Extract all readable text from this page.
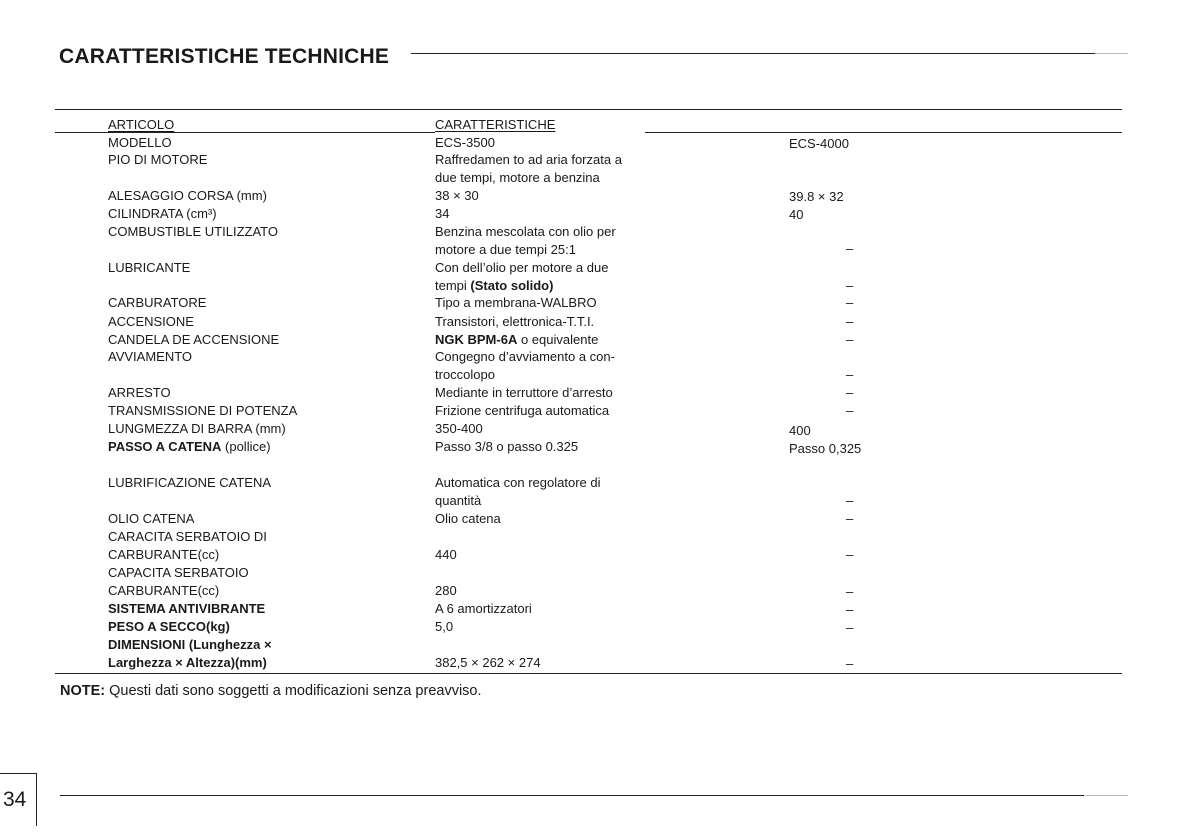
CARATTERISTICHE TECHNICHE
ARTICOLO	CARATTERISTICHE
MODELLO	ECS-3500	ECS-4000
PIO DI MOTORE	Raffredamen to ad aria forzata a
due tempi, motore a benzina
ALESAGGIO CORSA (mm)	38 × 30	39.8 × 32
CILINDRATA (cm³)	34	40
COMBUSTIBLE UTILIZZATO	Benzina mescolata con olio per
motore a due tempi 25:1	–
LUBRICANTE	Con dell’olio per motore a due
tempi (Stato solido)	–
CARBURATORE	Tipo a membrana-WALBRO	–
ACCENSIONE	Transistori, elettronica-T.T.I.	–
CANDELA DE ACCENSIONE	NGK BPM-6A o equivalente	–
AVVIAMENTO	Congegno d’avviamento a con-
troccolopo	–
ARRESTO	Mediante in terruttore d’arresto	–
TRANSMISSIONE DI POTENZA	Frizione centrifuga automatica	–
LUNGMEZZA DI BARRA (mm)	350-400	400
PASSO A CATENA (pollice)	Passo 3/8 o passo 0.325	Passo 0,325
LUBRIFICAZIONE CATENA	Automatica con regolatore di
quantità	–
OLIO CATENA	Olio catena	–
CARACITA SERBATOIO DI
CARBURANTE(cc)	440	–
CAPACITA SERBATOIO
CARBURANTE(cc)	280	–
SISTEMA ANTIVIBRANTE	A 6 amortizzatori	–
PESO A SECCO(kg)	5,0	–
DIMENSIONI (Lunghezza ×
Larghezza × Altezza)(mm)	382,5 × 262 × 274	–
NOTE: Questi dati sono soggetti a modificazioni senza preavviso.
34
